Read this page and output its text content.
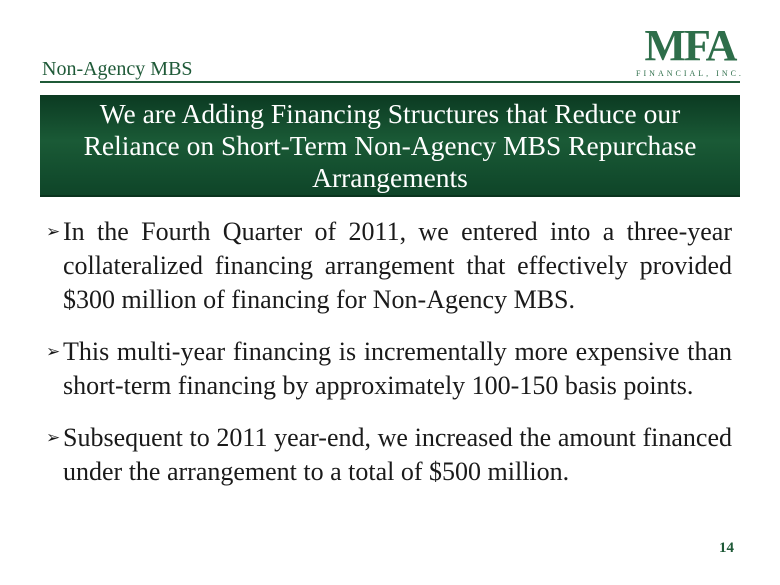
Non-Agency MBS	MFA
FINANCIAL, INC.
We are Adding Financing Structures that Reduce our Reliance on Short-Term Non-Agency MBS Repurchase Arrangements
➢ In the Fourth Quarter of 2011, we entered into a three-year collateralized financing arrangement that effectively provided $300 million of financing for Non-Agency MBS.
➢ This multi-year financing is incrementally more expensive than short-term financing by approximately 100-150 basis points.
➢ Subsequent to 2011 year-end, we increased the amount financed under the arrangement to a total of $500 million.
14
